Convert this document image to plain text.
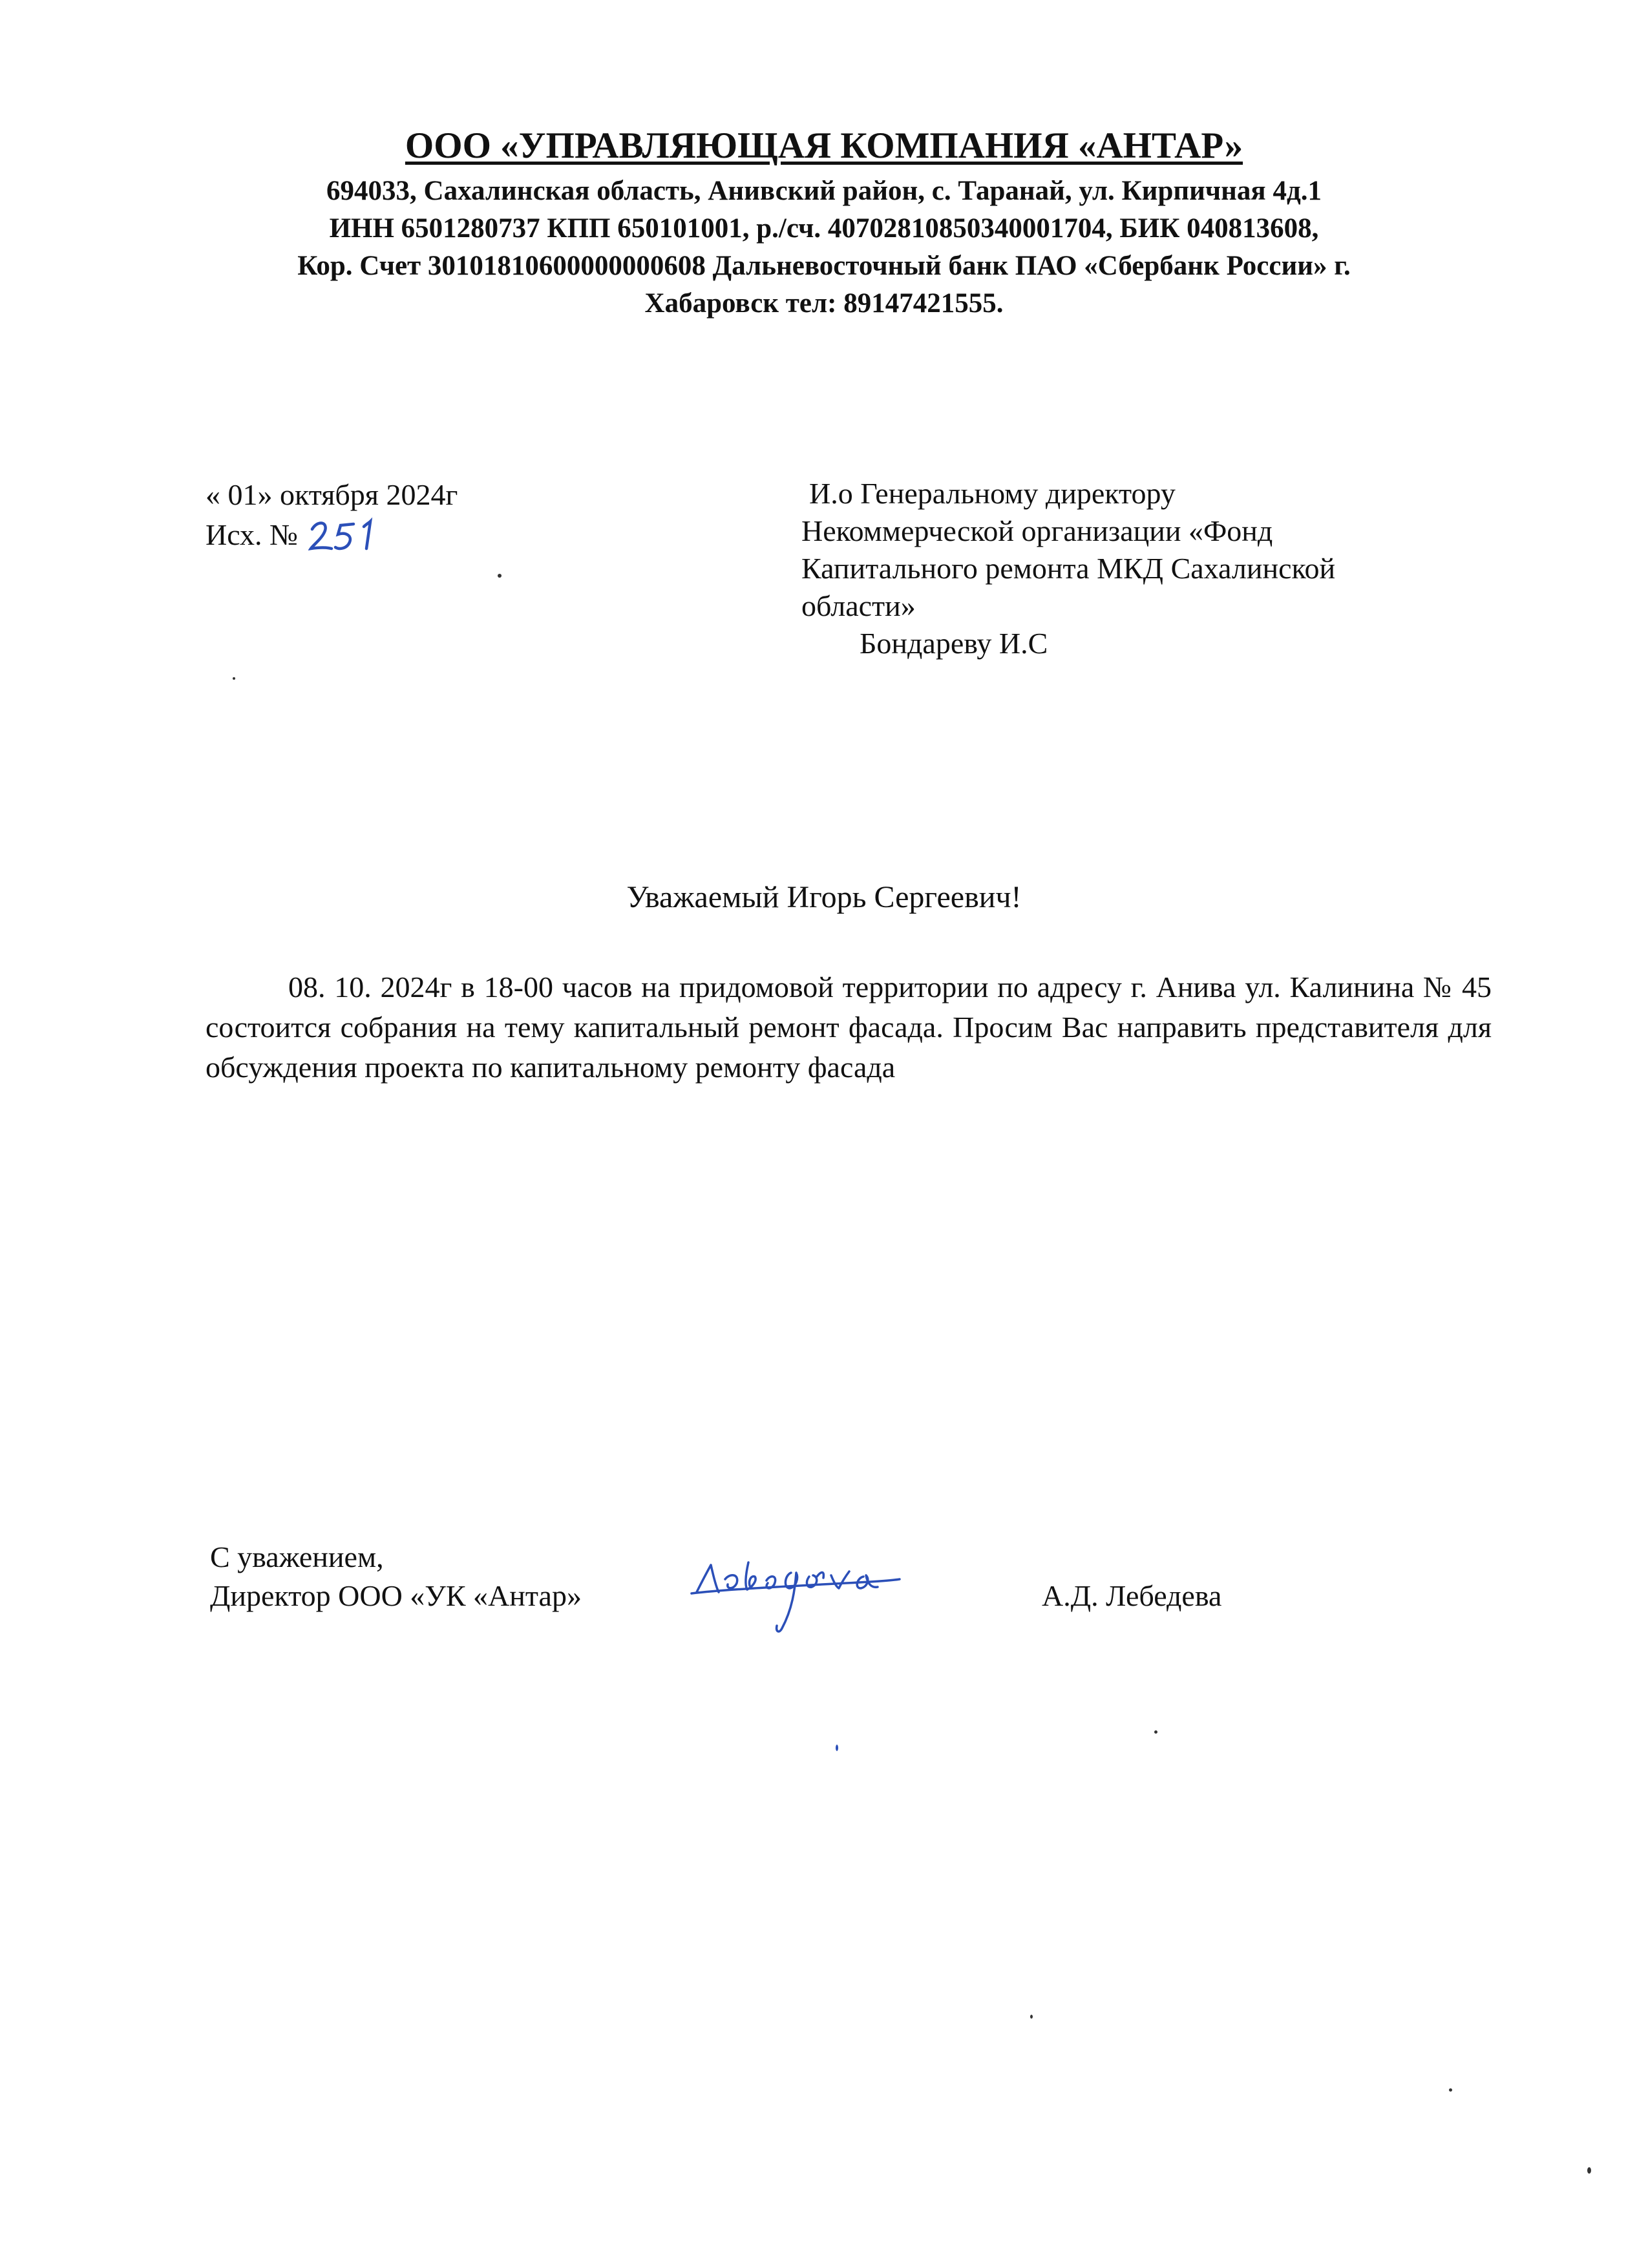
ООО «УПРАВЛЯЮЩАЯ КОМПАНИЯ «АНТАР»
694033, Сахалинская область, Анивский район, с. Таранай, ул. Кирпичная 4д.1
ИНН 6501280737 КПП 650101001, р./сч. 40702810850340001704, БИК 040813608,
Кор. Счет 30101810600000000608 Дальневосточный банк ПАО «Сбербанк России» г.
Хабаровск тел: 89147421555.
« 01» октября 2024г
Исх. №
И.о Генеральному директору
Некоммерческой организации «Фонд
Капитального ремонта МКД Сахалинской
области»
Бондареву И.С
Уважаемый Игорь Сергеевич!
08. 10. 2024г в 18-00 часов на придомовой территории по адресу г. Анива ул. Калинина № 45 состоится собрания на тему капитальный ремонт фасада. Просим Вас направить представителя для обсуждения проекта по капитальному ремонту фасада
С уважением,
Директор ООО «УК «Антар»	А.Д. Лебедева
